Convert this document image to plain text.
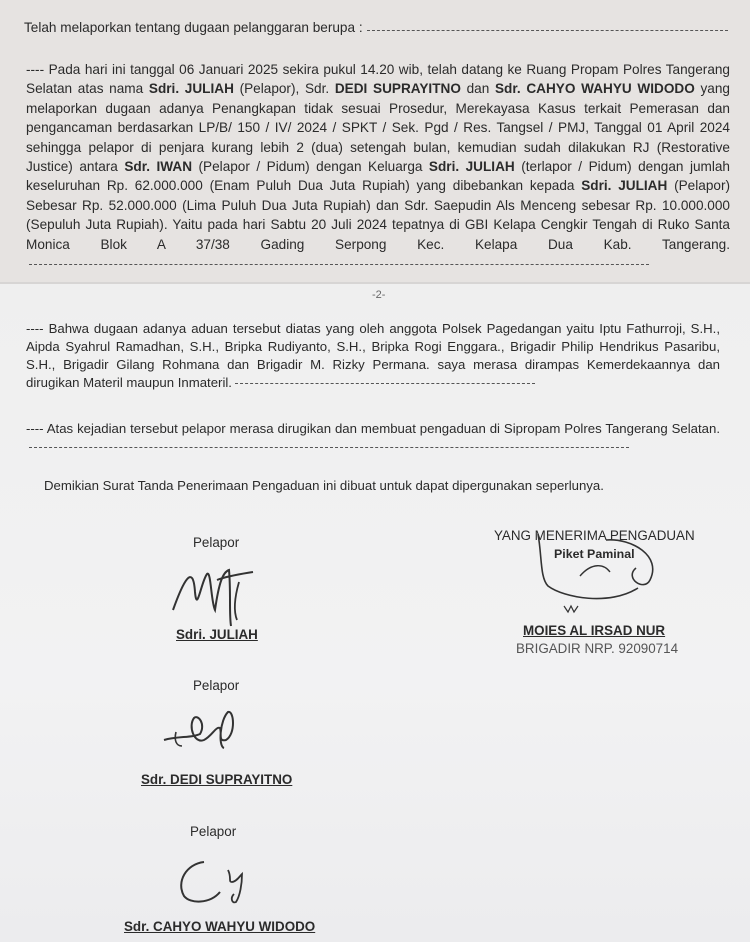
Telah melaporkan tentang dugaan pelanggaran berupa :
---- Pada hari ini tanggal 06 Januari 2025 sekira pukul 14.20 wib, telah datang ke Ruang Propam Polres Tangerang Selatan atas nama Sdri. JULIAH (Pelapor), Sdr. DEDI SUPRAYITNO dan Sdr. CAHYO WAHYU WIDODO yang melaporkan dugaan adanya Penangkapan tidak sesuai Prosedur, Merekayasa Kasus terkait Pemerasan dan pengancaman berdasarkan LP/B/ 150 / IV/ 2024 / SPKT / Sek. Pgd / Res. Tangsel / PMJ, Tanggal 01 April 2024 sehingga pelapor di penjara kurang lebih 2 (dua) setengah bulan, kemudian sudah dilakukan RJ (Restorative Justice) antara Sdr. IWAN (Pelapor / Pidum) dengan Keluarga Sdri. JULIAH (terlapor / Pidum) dengan jumlah keseluruhan Rp. 62.000.000 (Enam Puluh Dua Juta Rupiah) yang dibebankan kepada Sdri. JULIAH (Pelapor) Sebesar Rp. 52.000.000 (Lima Puluh Dua Juta Rupiah) dan Sdr. Saepudin Als Menceng sebesar Rp. 10.000.000 (Sepuluh Juta Rupiah). Yaitu pada hari Sabtu 20 Juli 2024 tepatnya di GBI Kelapa Cengkir Tengah di Ruko Santa Monica Blok A 37/38 Gading Serpong Kec. Kelapa Dua Kab. Tangerang.
-2-
---- Bahwa dugaan adanya aduan tersebut diatas yang oleh anggota Polsek Pagedangan yaitu Iptu Fathurroji, S.H., Aipda Syahrul Ramadhan, S.H., Bripka Rudiyanto, S.H., Bripka Rogi Enggara., Brigadir Philip Hendrikus Pasaribu, S.H., Brigadir Gilang Rohmana dan Brigadir M. Rizky Permana. saya merasa dirampas Kemerdekaannya dan dirugikan Materil maupun Inmateril.
---- Atas kejadian tersebut pelapor merasa dirugikan dan membuat pengaduan di Sipropam Polres Tangerang Selatan.
Demikian Surat Tanda Penerimaan Pengaduan ini dibuat untuk dapat dipergunakan seperlunya.
Pelapor
Sdri. JULIAH
YANG MENERIMA PENGADUAN
Piket Paminal
MOIES AL IRSAD NUR
BRIGADIR NRP. 92090714
Pelapor
Sdr. DEDI SUPRAYITNO
Pelapor
Sdr. CAHYO WAHYU WIDODO
